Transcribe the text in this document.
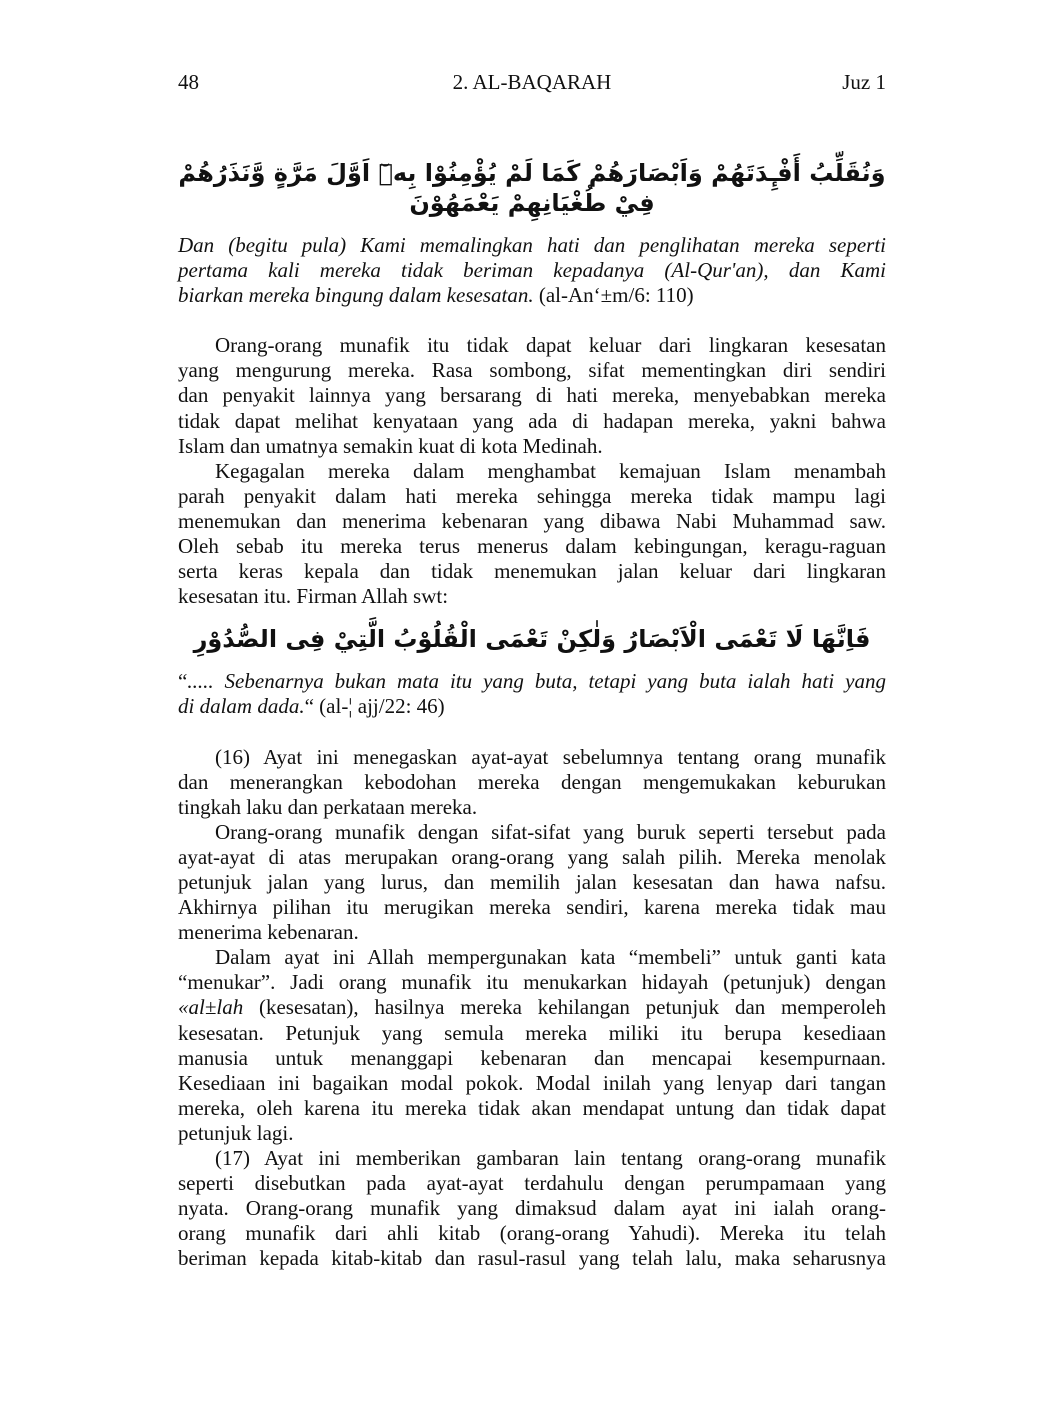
48	2. AL-BAQARAH	Juz 1
وَنُقَلِّبُ أَفْـِٕدَتَهُمْ وَاَبْصَارَهُمْ كَمَا لَمْ يُؤْمِنُوْا بِهٖٓ اَوَّلَ مَرَّةٍ وَّنَذَرُهُمْ فِيْ طُغْيَانِهِمْ يَعْمَهُوْنَ
Dan (begitu pula) Kami memalingkan hati dan penglihatan mereka seperti
pertama kali mereka tidak beriman kepadanya (Al-Qur'an), dan Kami
biarkan mereka bingung dalam kesesatan. (al-An‘±m/6: 110)
Orang-orang munafik itu tidak dapat keluar dari lingkaran kesesatan
yang mengurung mereka. Rasa sombong, sifat mementingkan diri sendiri
dan penyakit lainnya yang bersarang di hati mereka, menyebabkan mereka
tidak dapat melihat kenyataan yang ada di hadapan mereka, yakni bahwa
Islam dan umatnya semakin kuat di kota Medinah.
Kegagalan mereka dalam menghambat kemajuan Islam menambah
parah penyakit dalam hati mereka sehingga mereka tidak mampu lagi
menemukan dan menerima kebenaran yang dibawa Nabi Muhammad saw.
Oleh sebab itu mereka terus menerus dalam kebingungan, keragu-raguan
serta keras kepala dan tidak menemukan jalan keluar dari lingkaran
kesesatan itu. Firman Allah swt:
فَاِنَّهَا لَا تَعْمَى الْاَبْصَارُ وَلٰكِنْ تَعْمَى الْقُلُوْبُ الَّتِيْ فِى الصُّدُوْرِ
“..... Sebenarnya bukan mata itu yang buta, tetapi yang buta ialah hati yang
di dalam dada.“ (al-¦ ajj/22: 46)
(16) Ayat ini menegaskan ayat-ayat sebelumnya tentang orang munafik
dan menerangkan kebodohan mereka dengan mengemukakan keburukan
tingkah laku dan perkataan mereka.
Orang-orang munafik dengan sifat-sifat yang buruk seperti tersebut pada
ayat-ayat di atas merupakan orang-orang yang salah pilih. Mereka menolak
petunjuk jalan yang lurus, dan memilih jalan kesesatan dan hawa nafsu.
Akhirnya pilihan itu merugikan mereka sendiri, karena mereka tidak mau
menerima kebenaran.
Dalam ayat ini Allah mempergunakan kata “membeli” untuk ganti kata
“menukar”. Jadi orang munafik itu menukarkan hidayah (petunjuk) dengan
«al±lah (kesesatan), hasilnya mereka kehilangan petunjuk dan memperoleh
kesesatan. Petunjuk yang semula mereka miliki itu berupa kesediaan
manusia untuk menanggapi kebenaran dan mencapai kesempurnaan.
Kesediaan ini bagaikan modal pokok. Modal inilah yang lenyap dari tangan
mereka, oleh karena itu mereka tidak akan mendapat untung dan tidak dapat
petunjuk lagi.
(17) Ayat ini memberikan gambaran lain tentang orang-orang munafik
seperti disebutkan pada ayat-ayat terdahulu dengan perumpamaan yang
nyata. Orang-orang munafik yang dimaksud dalam ayat ini ialah orang-
orang munafik dari ahli kitab (orang-orang Yahudi). Mereka itu telah
beriman kepada kitab-kitab dan rasul-rasul yang telah lalu, maka seharusnya
